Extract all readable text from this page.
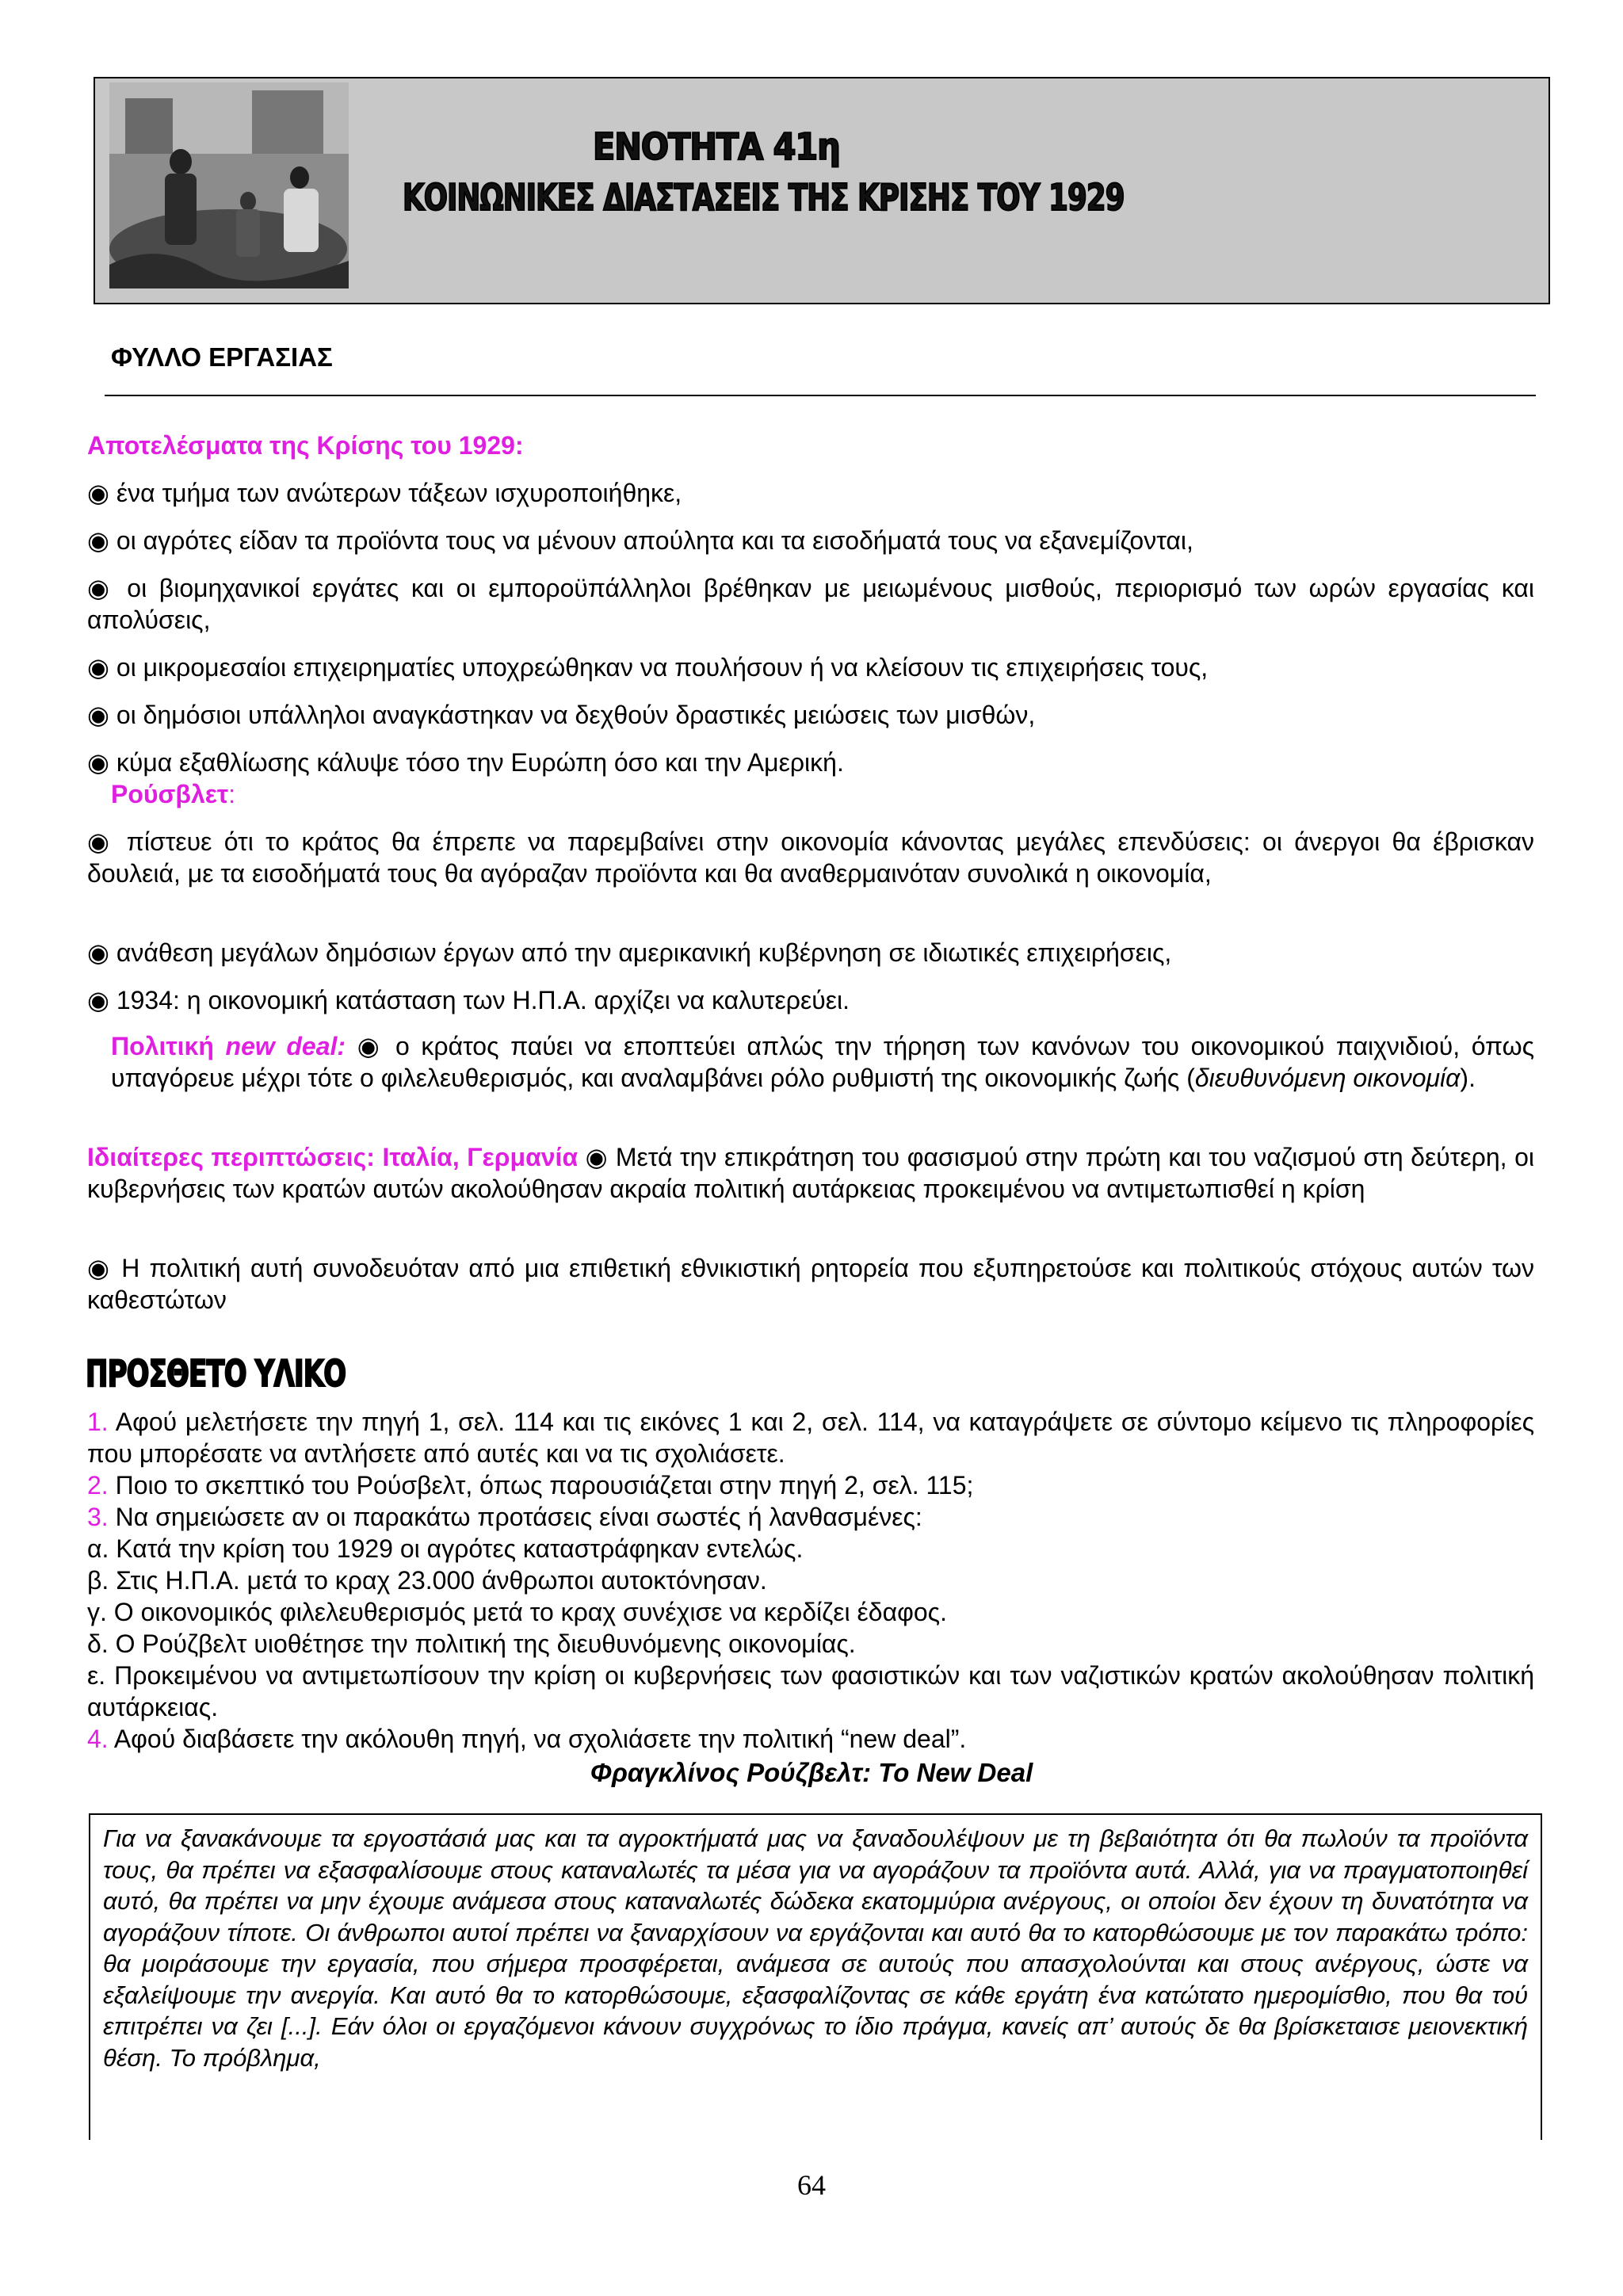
ΕΝΟΤΗΤΑ 41η
ΚΟΙΝΩΝΙΚΕΣ ΔΙΑΣΤΑΣΕΙΣ ΤΗΣ ΚΡΙΣΗΣ ΤΟΥ 1929
ΦΥΛΛΟ ΕΡΓΑΣΙΑΣ
Αποτελέσματα της Κρίσης του 1929:
◉ ένα τμήμα των ανώτερων τάξεων ισχυροποιήθηκε,
◉ οι αγρότες είδαν τα προϊόντα τους να μένουν απούλητα και τα εισοδήματά τους να εξανεμίζονται,
◉ οι βιομηχανικοί εργάτες και οι εμποροϋπάλληλοι βρέθηκαν με μειωμένους μισθούς, περιορισμό των ωρών εργασίας και απολύσεις,
◉ οι μικρομεσαίοι επιχειρηματίες υποχρεώθηκαν να πουλήσουν ή να κλείσουν τις επιχειρήσεις τους,
◉ οι δημόσιοι υπάλληλοι αναγκάστηκαν να δεχθούν δραστικές μειώσεις των μισθών,
◉ κύμα εξαθλίωσης κάλυψε τόσο την Ευρώπη όσο και την Αμερική.
Ρούσβλετ:
◉ πίστευε ότι το κράτος θα έπρεπε να παρεμβαίνει στην οικονομία κάνοντας μεγάλες επενδύσεις: οι άνεργοι θα έβρισκαν δουλειά, με τα εισοδήματά τους θα αγόραζαν προϊόντα και θα αναθερμαινόταν συνολικά η οικονομία,
◉ ανάθεση μεγάλων δημόσιων έργων από την αμερικανική κυβέρνηση σε ιδιωτικές επιχειρήσεις,
◉ 1934: η οικονομική κατάσταση των Η.Π.Α. αρχίζει να καλυτερεύει.
Πολιτική new deal: ◉ ο κράτος παύει να εποπτεύει απλώς την τήρηση των κανόνων του οικονομικού παιχνιδιού, όπως υπαγόρευε μέχρι τότε ο φιλελευθερισμός, και αναλαμβάνει ρόλο ρυθμιστή της οικονομικής ζωής (διευθυνόμενη οικονομία).
Ιδιαίτερες περιπτώσεις: Ιταλία, Γερμανία ◉ Μετά την επικράτηση του φασισμού στην πρώτη και του ναζισμού στη δεύτερη, οι κυβερνήσεις των κρατών αυτών ακολούθησαν ακραία πολιτική αυτάρκειας προκειμένου να αντιμετωπισθεί η κρίση
◉ Η πολιτική αυτή συνοδευόταν από μια επιθετική εθνικιστική ρητορεία που εξυπηρετούσε και πολιτικούς στόχους αυτών των καθεστώτων
ΠΡΟΣΘΕΤΟ ΥΛΙΚΟ
1. Αφού μελετήσετε την πηγή 1, σελ. 114 και τις εικόνες 1 και 2, σελ. 114, να καταγράψετε σε σύντομο κείμενο τις πληροφορίες που μπορέσατε να αντλήσετε από αυτές και να τις σχολιάσετε.
2. Ποιο το σκεπτικό του Ρούσβελτ, όπως παρουσιάζεται στην πηγή 2, σελ. 115;
3. Να σημειώσετε αν οι παρακάτω προτάσεις είναι σωστές ή λανθασμένες:
α. Κατά την κρίση του 1929 οι αγρότες καταστράφηκαν εντελώς.
β. Στις Η.Π.Α. μετά το κραχ 23.000 άνθρωποι αυτοκτόνησαν.
γ. Ο οικονομικός φιλελευθερισμός μετά το κραχ συνέχισε να κερδίζει έδαφος.
δ. Ο Ρούζβελτ υιοθέτησε την πολιτική της διευθυνόμενης οικονομίας.
ε. Προκειμένου να αντιμετωπίσουν την κρίση οι κυβερνήσεις των φασιστικών και των ναζιστικών κρατών ακολούθησαν πολιτική αυτάρκειας.
4. Αφού διαβάσετε την ακόλουθη πηγή, να σχολιάσετε την πολιτική “new deal”.
Φραγκλίνος Ρούζβελτ: Το New Deal
Για να ξανακάνουμε τα εργοστάσιά μας και τα αγροκτήματά μας να ξαναδουλέψουν με τη βεβαιότητα ότι θα πωλούν τα προϊόντα τους, θα πρέπει να εξασφαλίσουμε στους καταναλωτές τα μέσα για να αγοράζουν τα προϊόντα αυτά. Αλλά, για να πραγματοποιηθεί αυτό, θα πρέπει να μην έχουμε ανάμεσα στους καταναλωτές δώδεκα εκατομμύρια ανέργους, οι οποίοι δεν έχουν τη δυνατότητα να αγοράζουν τίποτε. Οι άνθρωποι αυτοί πρέπει να ξαναρχίσουν να εργάζονται και αυτό θα το κατορθώσουμε με τον παρακάτω τρόπο: θα μοιράσουμε την εργασία, που σήμερα προσφέρεται, ανάμεσα σε αυτούς που απασχολούνται και στους ανέργους, ώστε να εξαλείψουμε την ανεργία. Και αυτό θα το κατορθώσουμε, εξασφαλίζοντας σε κάθε εργάτη ένα κατώτατο ημερομίσθιο, που θα τού επιτρέπει να ζει [...]. Εάν όλοι οι εργαζόμενοι κάνουν συγχρόνως το ίδιο πράγμα, κανείς απ’ αυτούς δε θα βρίσκεταισε μειονεκτική θέση. Το πρόβλημα,
64
